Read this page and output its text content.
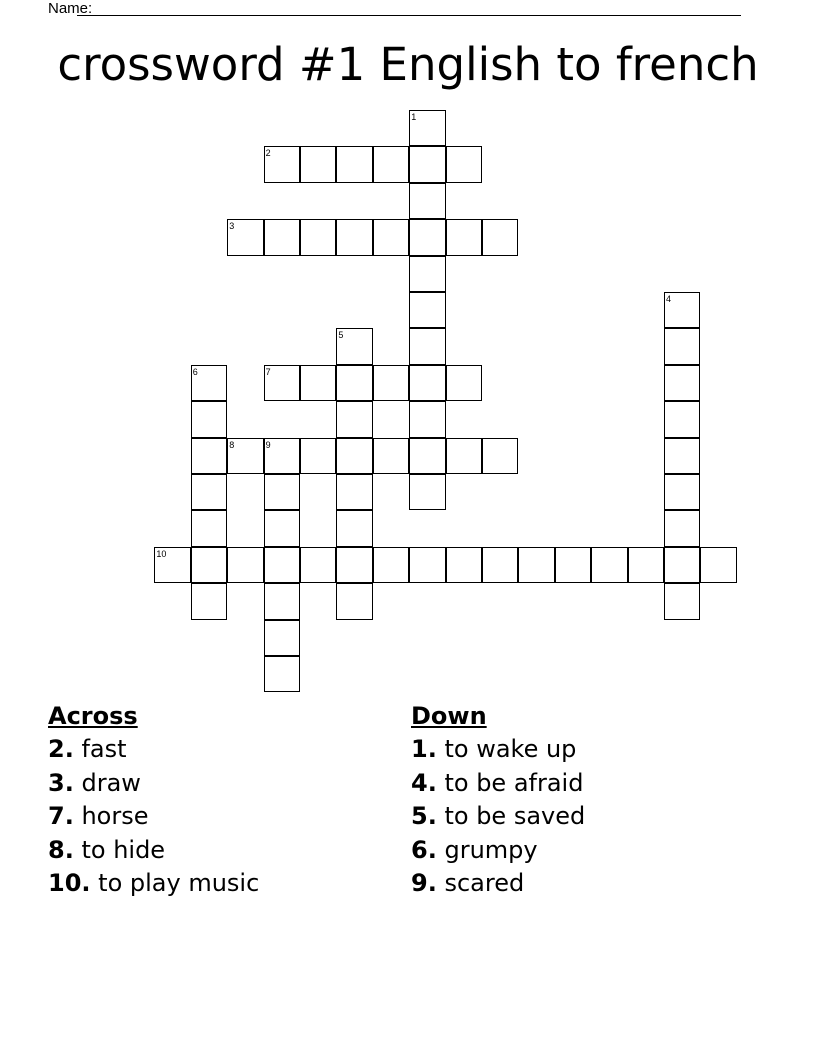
Name:
crossword #1 English to french
1
2
3
4
5
6	7
8	9
10
Across
2. fast
3. draw
7. horse
8. to hide
10. to play music
Down
1. to wake up
4. to be afraid
5. to be saved
6. grumpy
9. scared
